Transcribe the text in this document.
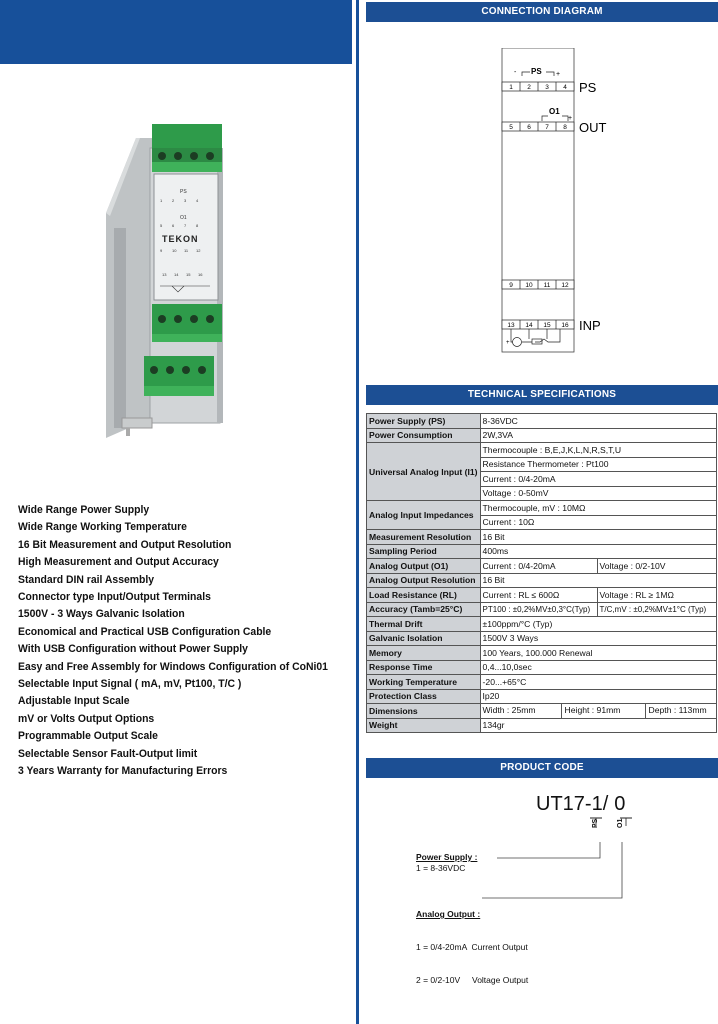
PS
1 2 3 4
O1
5 6 7 8
TEKON
9 10 11 12
13 14 15 16
Wide Range Power Supply
Wide Range Working Temperature
16 Bit Measurement and Output Resolution
High Measurement and Output Accuracy
Standard DIN rail Assembly
Connector type Input/Output Terminals
1500V - 3 Ways Galvanic Isolation
Economical and Practical USB Configuration Cable
With USB Configuration without Power Supply
Easy and Free Assembly for Windows Configuration of CoNi01
Selectable Input Signal ( mA, mV, Pt100, T/C )
Adjustable Input Scale
mV or Volts Output Options
Programmable Output Scale
Selectable Sensor Fault-Output limit
3 Years Warranty for Manufacturing Errors
CONNECTION DIAGRAM
PS
-	+
1 2 3 4 PS
O1
+
5 6 7 8 OUT
9 10 11 12
13 14 15 16 INP
+
TECHNICAL SPECIFICATIONS
Power Supply (PS)	8-36VDC	
Power Consumption	2W,3VA	
Universal Analog Input (I1)	Thermocouple : B,E,J,K,L,N,R,S,T,U	
	Resistance Thermometer : Pt100	
	Current : 0/4-20mA	
	Voltage : 0-50mV	
Analog Input Impedances	Thermocouple, mV : 10MΩ	
	Current : 10Ω	
Measurement Resolution	16 Bit	
Sampling Period	400ms	
Analog Output (O1)	Current : 0/4-20mA	Voltage : 0/2-10V
Analog Output Resolution	16 Bit	
Load Resistance (RL)	Current : RL ≤ 600Ω	Voltage : RL ≥ 1MΩ
Accuracy (Tamb=25°C)	PT100 : ±0,2%MV±0,3°C(Typ)	T/C,mV : ±0,2%MV±1°C (Typ)
Thermal Drift	±100ppm/°C (Typ)	
Galvanic Isolation	1500V 3 Ways	
Memory	100 Years, 100.000 Renewal	
Response Time	0,4...10,0sec	
Working Temperature	-20...+65°C	
Protection Class	Ip20	
Dimensions	Width : 25mm Height : 91mm Depth : 113mm	

Weight	134gr	
PRODUCT CODE
UT17-1/ 0
PS	O1
Power Supply :
1 = 8-36VDC

Analog Output :

1 = 0/4-20mA  Current Output

2 = 0/2-10V     Voltage Output
